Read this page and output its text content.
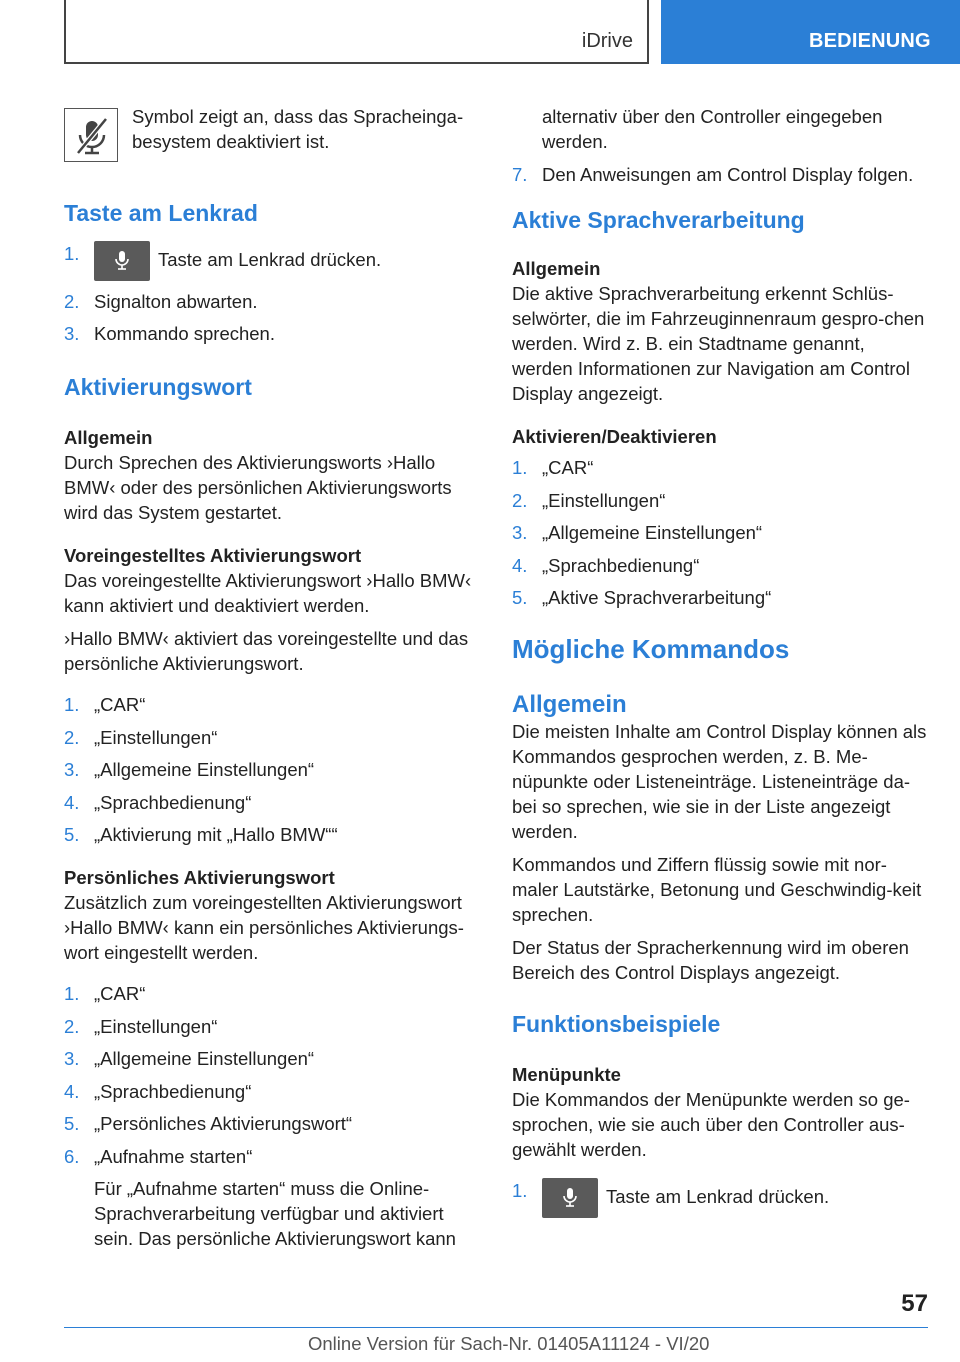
iDrive	BEDIENUNG

Symbol zeigt an, dass das Spracheinga-besystem deaktiviert ist.

Taste am Lenkrad
1.	Taste am Lenkrad drücken.
2. Signalton abwarten.
3. Kommando sprechen.
Aktivierungswort
Allgemein

Durch Sprechen des Aktivierungsworts ›Hallo BMW‹ oder des persönlichen Aktivierungsworts wird das System gestartet.

Voreingestelltes Aktivierungswort

Das voreingestellte Aktivierungswort ›Hallo BMW‹ kann aktiviert und deaktiviert werden.

›Hallo BMW‹ aktiviert das voreingestellte und das persönliche Aktivierungswort.

1. „CAR“
2. „Einstellungen“
3. „Allgemeine Einstellungen“
4. „Sprachbedienung“
5. „Aktivierung mit „Hallo BMW““
Persönliches Aktivierungswort

Zusätzlich zum voreingestellten Aktivierungswort ›Hallo BMW‹ kann ein persönliches Aktivierungs-wort eingestellt werden.

1. „CAR“
2. „Einstellungen“
3. „Allgemeine Einstellungen“
4. „Sprachbedienung“
5. „Persönliches Aktivierungswort“
6. „Aufnahme starten“

Für „Aufnahme starten“ muss die Online-Sprachverarbeitung verfügbar und aktiviert sein. Das persönliche Aktivierungswort kann

alternativ über den Controller eingegeben werden.

7. Den Anweisungen am Control Display folgen.
Aktive Sprachverarbeitung
Allgemein

Die aktive Sprachverarbeitung erkennt Schlüs-selwörter, die im Fahrzeuginnenraum gespro-chen werden. Wird z. B. ein Stadtname genannt, werden Informationen zur Navigation am Control Display angezeigt.

Aktivieren/Deaktivieren
1. „CAR“
2. „Einstellungen“
3. „Allgemeine Einstellungen“
4. „Sprachbedienung“
5. „Aktive Sprachverarbeitung“
Mögliche Kommandos
Allgemein

Die meisten Inhalte am Control Display können als Kommandos gesprochen werden, z. B. Me-nüpunkte oder Listeneinträge. Listeneinträge da-bei so sprechen, wie sie in der Liste angezeigt werden.

Kommandos und Ziffern flüssig sowie mit nor-maler Lautstärke, Betonung und Geschwindig-keit sprechen.

Der Status der Spracherkennung wird im oberen Bereich des Control Displays angezeigt.

Funktionsbeispiele
Menüpunkte

Die Kommandos der Menüpunkte werden so ge-sprochen, wie sie auch über den Controller aus-gewählt werden.

1.	Taste am Lenkrad drücken.
57
Online Version für Sach-Nr. 01405A11124 - VI/20
